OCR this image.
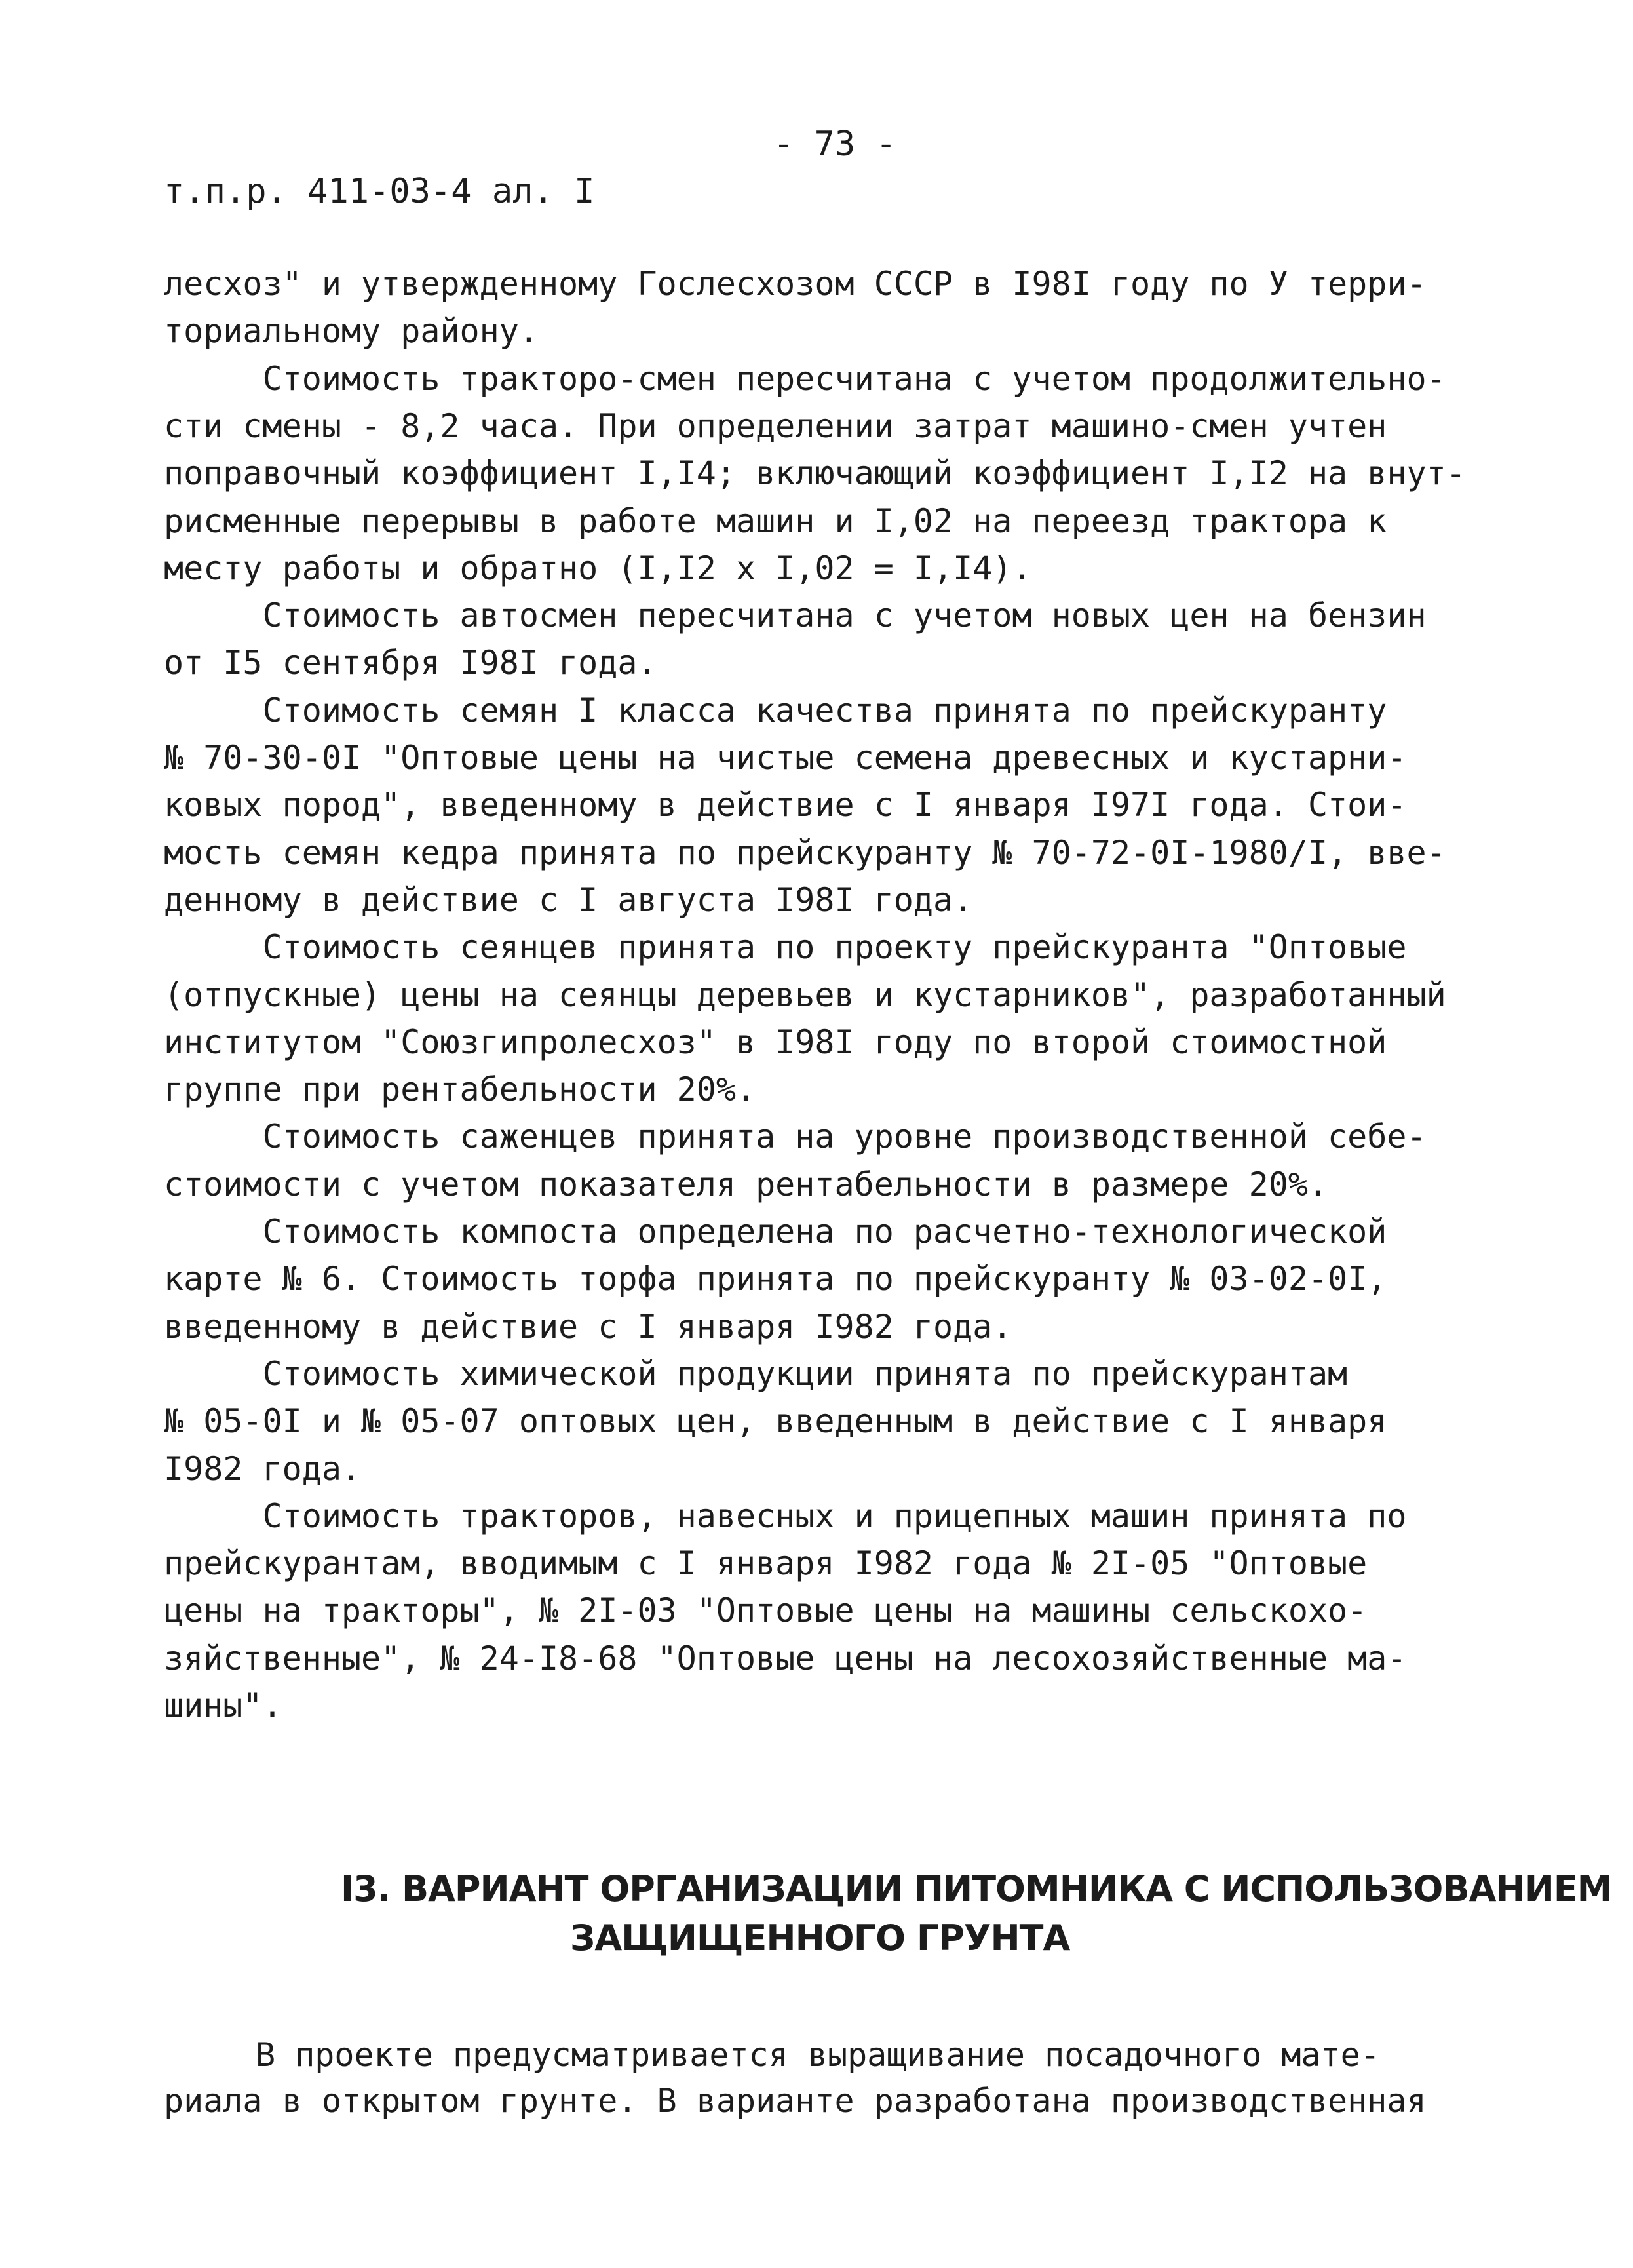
- 73 -
т.п.р. 411-03-4 ал. I
лесхоз" и утвержденному Гослесхозом СССР в I98I году по У терри-
ториальному району.
Стоимость тракторо-смен пересчитана с учетом продолжительно-
сти смены - 8,2 часа. При определении затрат машино-смен учтен
поправочный коэффициент I,I4; включающий коэффициент I,I2 на внут-
рисменные перерывы в работе машин и I,02 на переезд трактора к
месту работы и обратно (I,I2 x I,02 = I,I4).
Стоимость автосмен пересчитана с учетом новых цен на бензин
от I5 сентября I98I года.
Стоимость семян I класса качества принята по прейскуранту
№ 70-30-0I "Оптовые цены на чистые семена древесных и кустарни-
ковых пород", введенному в действие с I января I97I года. Стои-
мость семян кедра принята по прейскуранту № 70-72-0I-1980/I, вве-
денному в действие с I августа I98I года.
Стоимость сеянцев принята по проекту прейскуранта "Оптовые
(отпускные) цены на сеянцы деревьев и кустарников", разработанный
институтом "Союзгипролесхоз" в I98I году по второй стоимостной
группе при рентабельности 20%.
Стоимость саженцев принята на уровне производственной себе-
стоимости с учетом показателя рентабельности в размере 20%.
Стоимость компоста определена по расчетно-технологической
карте № 6. Стоимость торфа принята по прейскуранту № 03-02-0I,
введенному в действие с I января I982 года.
Стоимость химической продукции принята по прейскурантам
№ 05-0I и № 05-07 оптовых цен, введенным в действие с I января
I982 года.
Стоимость тракторов, навесных и прицепных машин принята по
прейскурантам, вводимым с I января I982 года № 2I-05 "Оптовые
цены на тракторы", № 2I-03 "Оптовые цены на машины сельскохо-
зяйственные", № 24-I8-68 "Оптовые цены на лесохозяйственные ма-
шины".
I3. ВАРИАНТ ОРГАНИЗАЦИИ ПИТОМНИКА С ИСПОЛЬЗОВАНИЕМ
ЗАЩИЩЕННОГО ГРУНТА
В проекте предусматривается выращивание посадочного мате-
риала в открытом грунте. В варианте разработана производственная
